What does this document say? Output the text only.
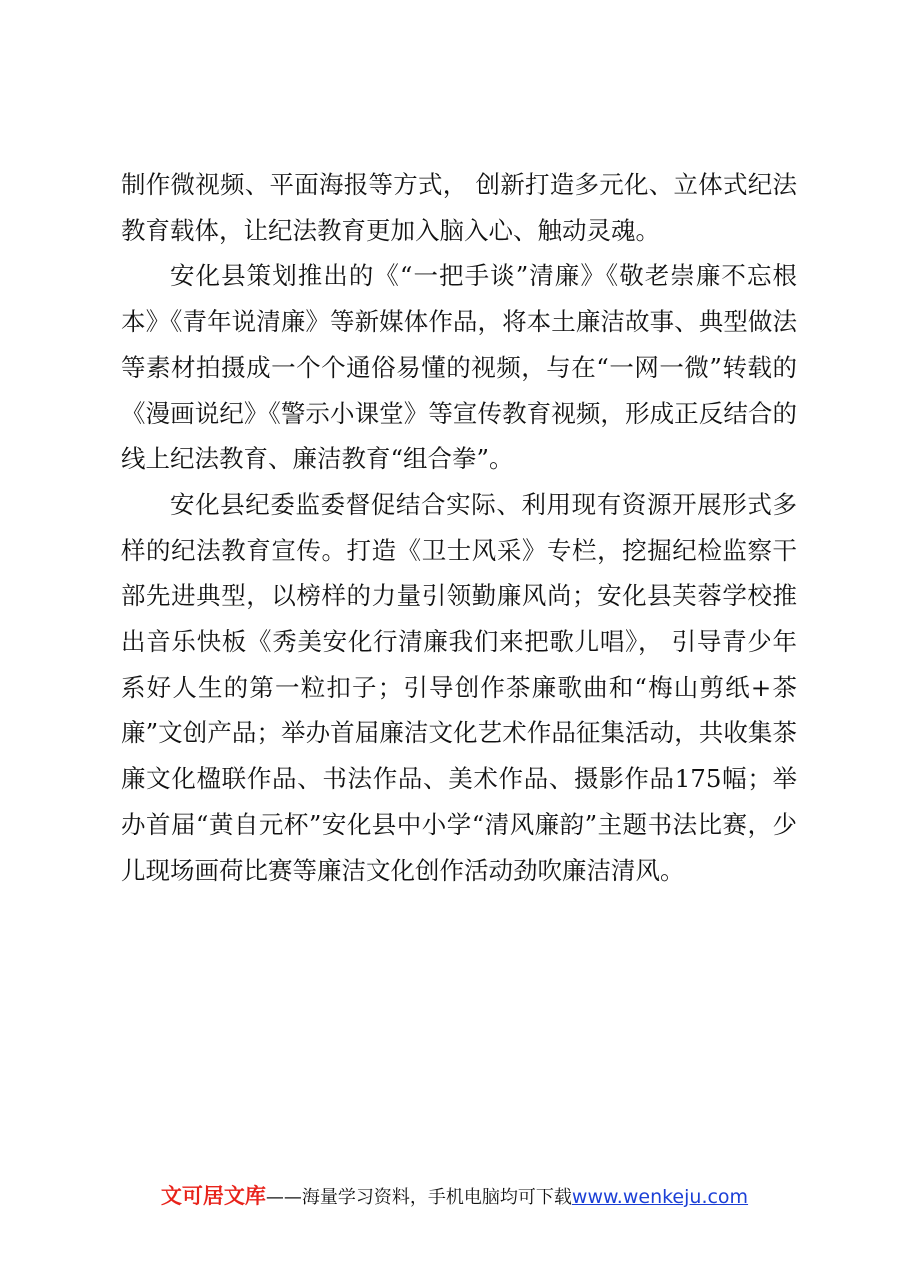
制作微视频、平面海报等方式， 创新打造多元化、立体式纪法教育载体，让纪法教育更加入脑入心、触动灵魂。

安化县策划推出的《“一把手谈”清廉》《敬老崇廉不忘根本》《青年说清廉》等新媒体作品，将本土廉洁故事、典型做法等素材拍摄成一个个通俗易懂的视频，与在“一网一微”转载的《漫画说纪》《警示小课堂》等宣传教育视频，形成正反结合的线上纪法教育、廉洁教育“组合拳”。

安化县纪委监委督促结合实际、利用现有资源开展形式多样的纪法教育宣传。打造《卫士风采》专栏，挖掘纪检监察干部先进典型，以榜样的力量引领勤廉风尚；安化县芙蓉学校推出音乐快板《秀美安化行清廉我们来把歌儿唱》， 引导青少年系好人生的第一粒扣子；引导创作茶廉歌曲和“梅山剪纸+茶廉”文创产品；举办首届廉洁文化艺术作品征集活动，共收集茶廉文化楹联作品、书法作品、美术作品、摄影作品175幅；举办首届“黄自元杯”安化县中小学“清风廉韵”主题书法比赛，少儿现场画荷比赛等廉洁文化创作活动劲吹廉洁清风。

文可居文库——海量学习资料，手机电脑均可下载www.wenkeju.com
